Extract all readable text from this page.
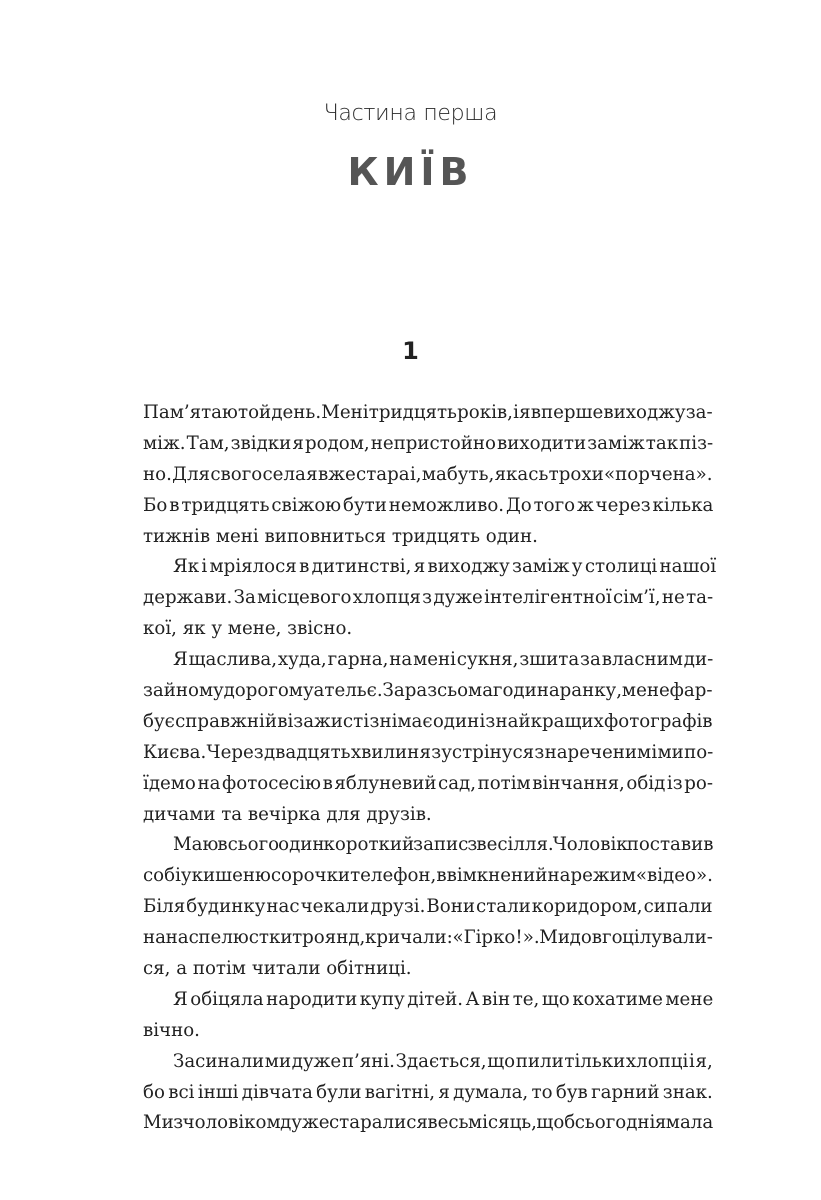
Частина перша
КИЇВ
1
Пам’ятаю той день. Мені тридцять років, і я вперше виходжу за-
між. Там, звідки я родом, непристойно виходити заміж так піз-
но. Для свого села я вже стара і, мабуть, якась трохи «порчена».
Бо в тридцять свіжою бути неможливо. До того ж через кілька
тижнів мені виповниться тридцять один.
Як і мріялося в дитинстві, я виходжу заміж у столиці нашої
держави. За місцевого хлопця з дуже інтелігентної сім’ї, не та-
кої, як у мене, звісно.
Я щаслива, худа, гарна, на мені сукня, зшита за власним ди-
зайном у дорогому ательє. Зараз сьома година ранку, мене фар-
бує справжній візажист і знімає один із найкращих фотографів
Києва. Через двадцять хвилин я зустрінуся з нареченим і ми по-
їдемо на фотосесію в яблуневий сад, потім вінчання, обід із ро-
дичами та вечірка для друзів.
Маю всього один короткий запис з весілля. Чоловік поставив
собі у кишеню сорочки телефон, ввімкнений на режим «відео».
Біля будинку нас чекали друзі. Вони стали коридором, сипали
на нас пелюстки троянд, кричали: «Гірко!». Ми довго цілували-
ся, а потім читали обітниці.
Я обіцяла народити купу дітей. А він те, що кохатиме мене
вічно.
Засинали ми дуже п’яні. Здається, що пили тільки хлопці і я,
бо всі інші дівчата були вагітні, я думала, то був гарний знак.
Ми з чоловіком дуже старалися весь місяць, щоб сьогодні я мала
